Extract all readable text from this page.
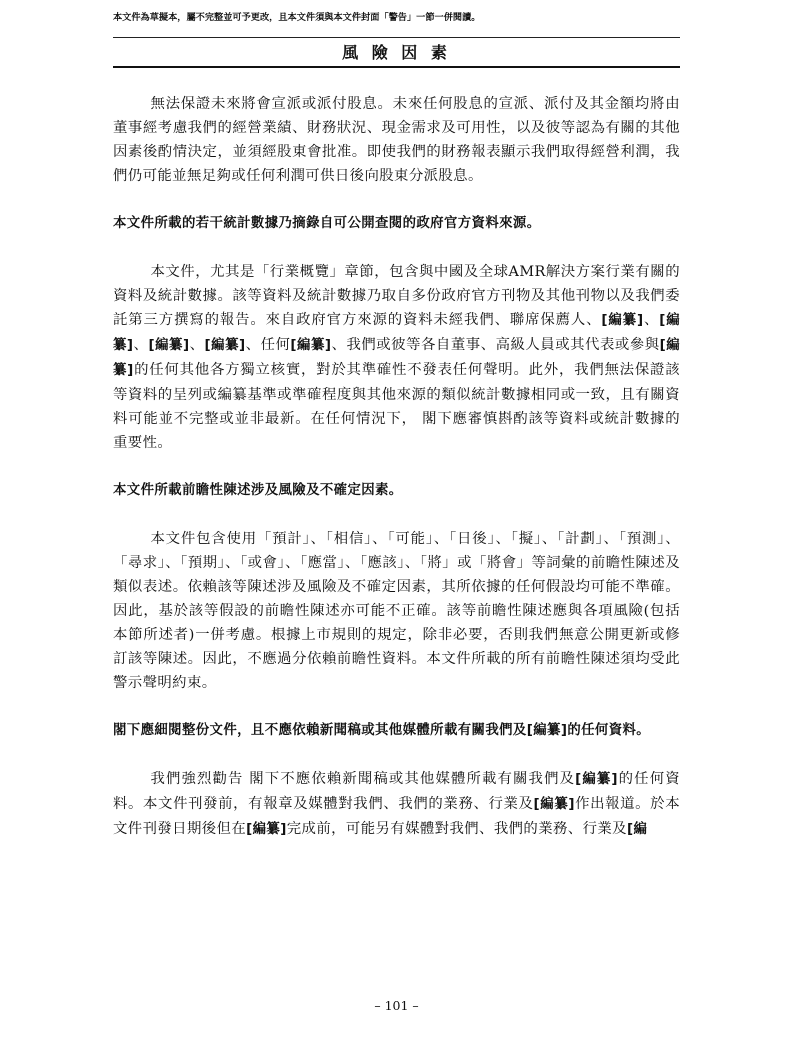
本文件為草擬本，屬不完整並可予更改，且本文件須與本文件封面「警告」一節一併閱讀。
風 險 因 素

無法保證未來將會宣派或派付股息。未來任何股息的宣派、派付及其金額均將由董事經考慮我們的經營業績、財務狀況、現金需求及可用性，以及彼等認為有關的其他因素後酌情決定，並須經股東會批准。即使我們的財務報表顯示我們取得經營利潤，我們仍可能並無足夠或任何利潤可供日後向股東分派股息。

本文件所載的若干統計數據乃摘錄自可公開查閱的政府官方資料來源。

本文件，尤其是「行業概覽」章節，包含與中國及全球AMR解決方案行業有關的資料及統計數據。該等資料及統計數據乃取自多份政府官方刊物及其他刊物以及我們委託第三方撰寫的報告。來自政府官方來源的資料未經我們、聯席保薦人、[編纂]、[編纂]、[編纂]、[編纂]、任何[編纂]、我們或彼等各自董事、高級人員或其代表或參與[編纂]的任何其他各方獨立核實，對於其準確性不發表任何聲明。此外，我們無法保證該等資料的呈列或編纂基準或準確程度與其他來源的類似統計數據相同或一致，且有關資料可能並不完整或並非最新。在任何情況下， 閣下應審慎斟酌該等資料或統計數據的重要性。

本文件所載前瞻性陳述涉及風險及不確定因素。

本文件包含使用「預計」、「相信」、「可能」、「日後」、「擬」、「計劃」、「預測」、「尋求」、「預期」、「或會」、「應當」、「應該」、「將」或「將會」等詞彙的前瞻性陳述及類似表述。依賴該等陳述涉及風險及不確定因素，其所依據的任何假設均可能不準確。因此，基於該等假設的前瞻性陳述亦可能不正確。該等前瞻性陳述應與各項風險(包括本節所述者)一併考慮。根據上市規則的規定，除非必要，否則我們無意公開更新或修訂該等陳述。因此，不應過分依賴前瞻性資料。本文件所載的所有前瞻性陳述須均受此警示聲明約束。

閣下應細閱整份文件，且不應依賴新聞稿或其他媒體所載有關我們及[編纂]的任何資料。

我們強烈勸告 閣下不應依賴新聞稿或其他媒體所載有關我們及[編纂]的任何資料。本文件刊發前，有報章及媒體對我們、我們的業務、行業及[編纂]作出報道。於本文件刊發日期後但在[編纂]完成前，可能另有媒體對我們、我們的業務、行業及[編

– 101 –
